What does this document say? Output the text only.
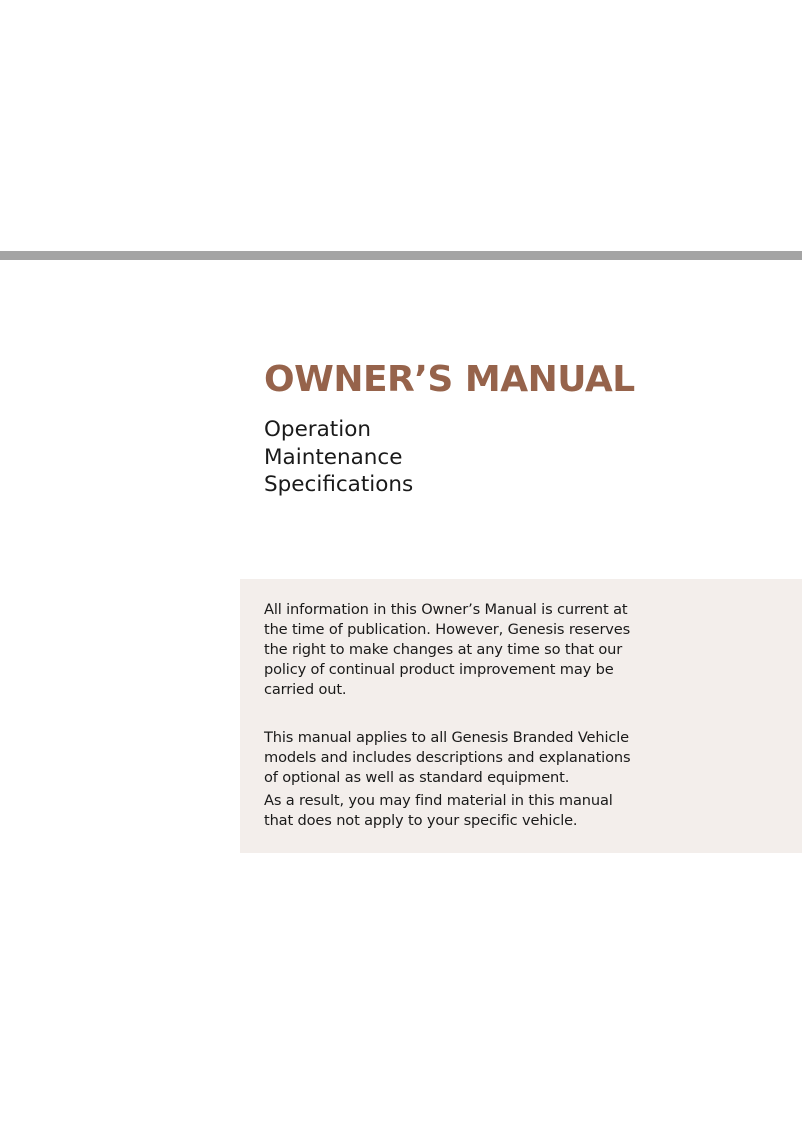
OWNER’S MANUAL
Operation
Maintenance
Specifications

All information in this Owner’s Manual is current at the time of publication. However, Genesis reserves the right to make changes at any time so that our policy of continual product improvement may be carried out.

This manual applies to all Genesis Branded Vehicle models and includes descriptions and explanations of optional as well as standard equipment.

As a result, you may find material in this manual that does not apply to your specific vehicle.
